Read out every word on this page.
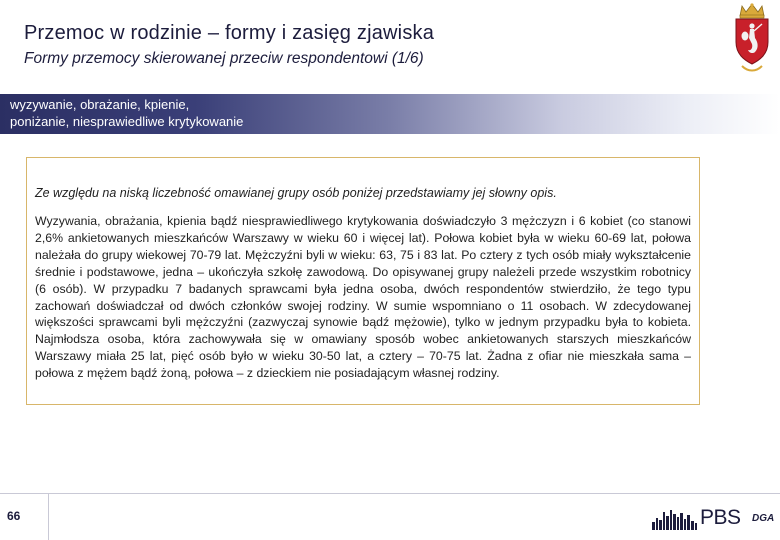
Przemoc w rodzinie – formy i zasięg zjawiska
Formy przemocy skierowanej przeciw respondentowi (1/6)
wyzywanie, obrażanie, kpienie,
poniżanie, niesprawiedliwe krytykowanie
Ze względu na niską liczebność omawianej grupy osób poniżej przedstawiamy jej słowny opis.
Wyzywania, obrażania, kpienia bądź niesprawiedliwego krytykowania doświadczyło 3 mężczyzn i 6 kobiet (co stanowi 2,6% ankietowanych mieszkańców Warszawy w wieku 60 i więcej lat). Połowa kobiet była w wieku 60-69 lat, połowa należała do grupy wiekowej 70-79 lat. Mężczyźni byli w wieku: 63, 75 i 83 lat. Po cztery z tych osób miały wykształcenie średnie i podstawowe, jedna – ukończyła szkołę zawodową. Do opisywanej grupy należeli przede wszystkim robotnicy (6 osób). W przypadku 7 badanych sprawcami była jedna osoba, dwóch respondentów stwierdziło, że tego typu zachowań doświadczał od dwóch członków swojej rodziny. W sumie wspomniano o 11 osobach. W zdecydowanej większości sprawcami byli mężczyźni (zazwyczaj synowie bądź mężowie), tylko w jednym przypadku była to kobieta. Najmłodsza osoba, która zachowywała się w omawiany sposób wobec ankietowanych starszych mieszkańców Warszawy miała 25 lat, pięć osób było w wieku 30-50 lat, a cztery – 70-75 lat. Żadna z ofiar nie mieszkała sama – połowa z mężem bądź żoną, połowa – z dzieckiem nie posiadającym własnej rodziny.
66	PBS DGA
